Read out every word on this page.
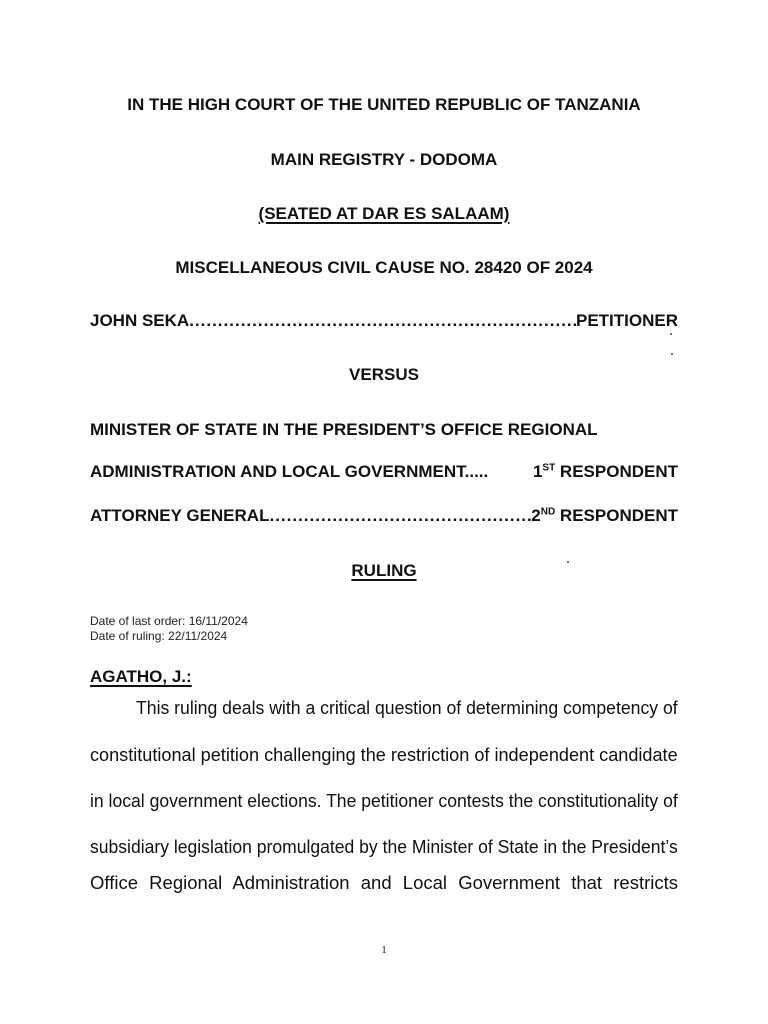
IN THE HIGH COURT OF THE UNITED REPUBLIC OF TANZANIA
MAIN REGISTRY - DODOMA
(SEATED AT DAR ES SALAAM)
MISCELLANEOUS CIVIL CAUSE NO. 28420 OF 2024
JOHN SEKA .....	PETITIONER
VERSUS
MINISTER OF STATE IN THE PRESIDENT’S OFFICE REGIONAL
ADMINISTRATION AND LOCAL GOVERNMENT.....	1ST RESPONDENT
ATTORNEY GENERAL .....	2ND RESPONDENT
RULING
Date of last order: 16/11/2024
Date of ruling: 22/11/2024
AGATHO, J.:
This ruling deals with a critical question of determining competency of
constitutional petition challenging the restriction of independent candidate
in local government elections. The petitioner contests the constitutionality of
subsidiary legislation promulgated by the Minister of State in the President’s
Office Regional Administration and Local Government that restricts
1
